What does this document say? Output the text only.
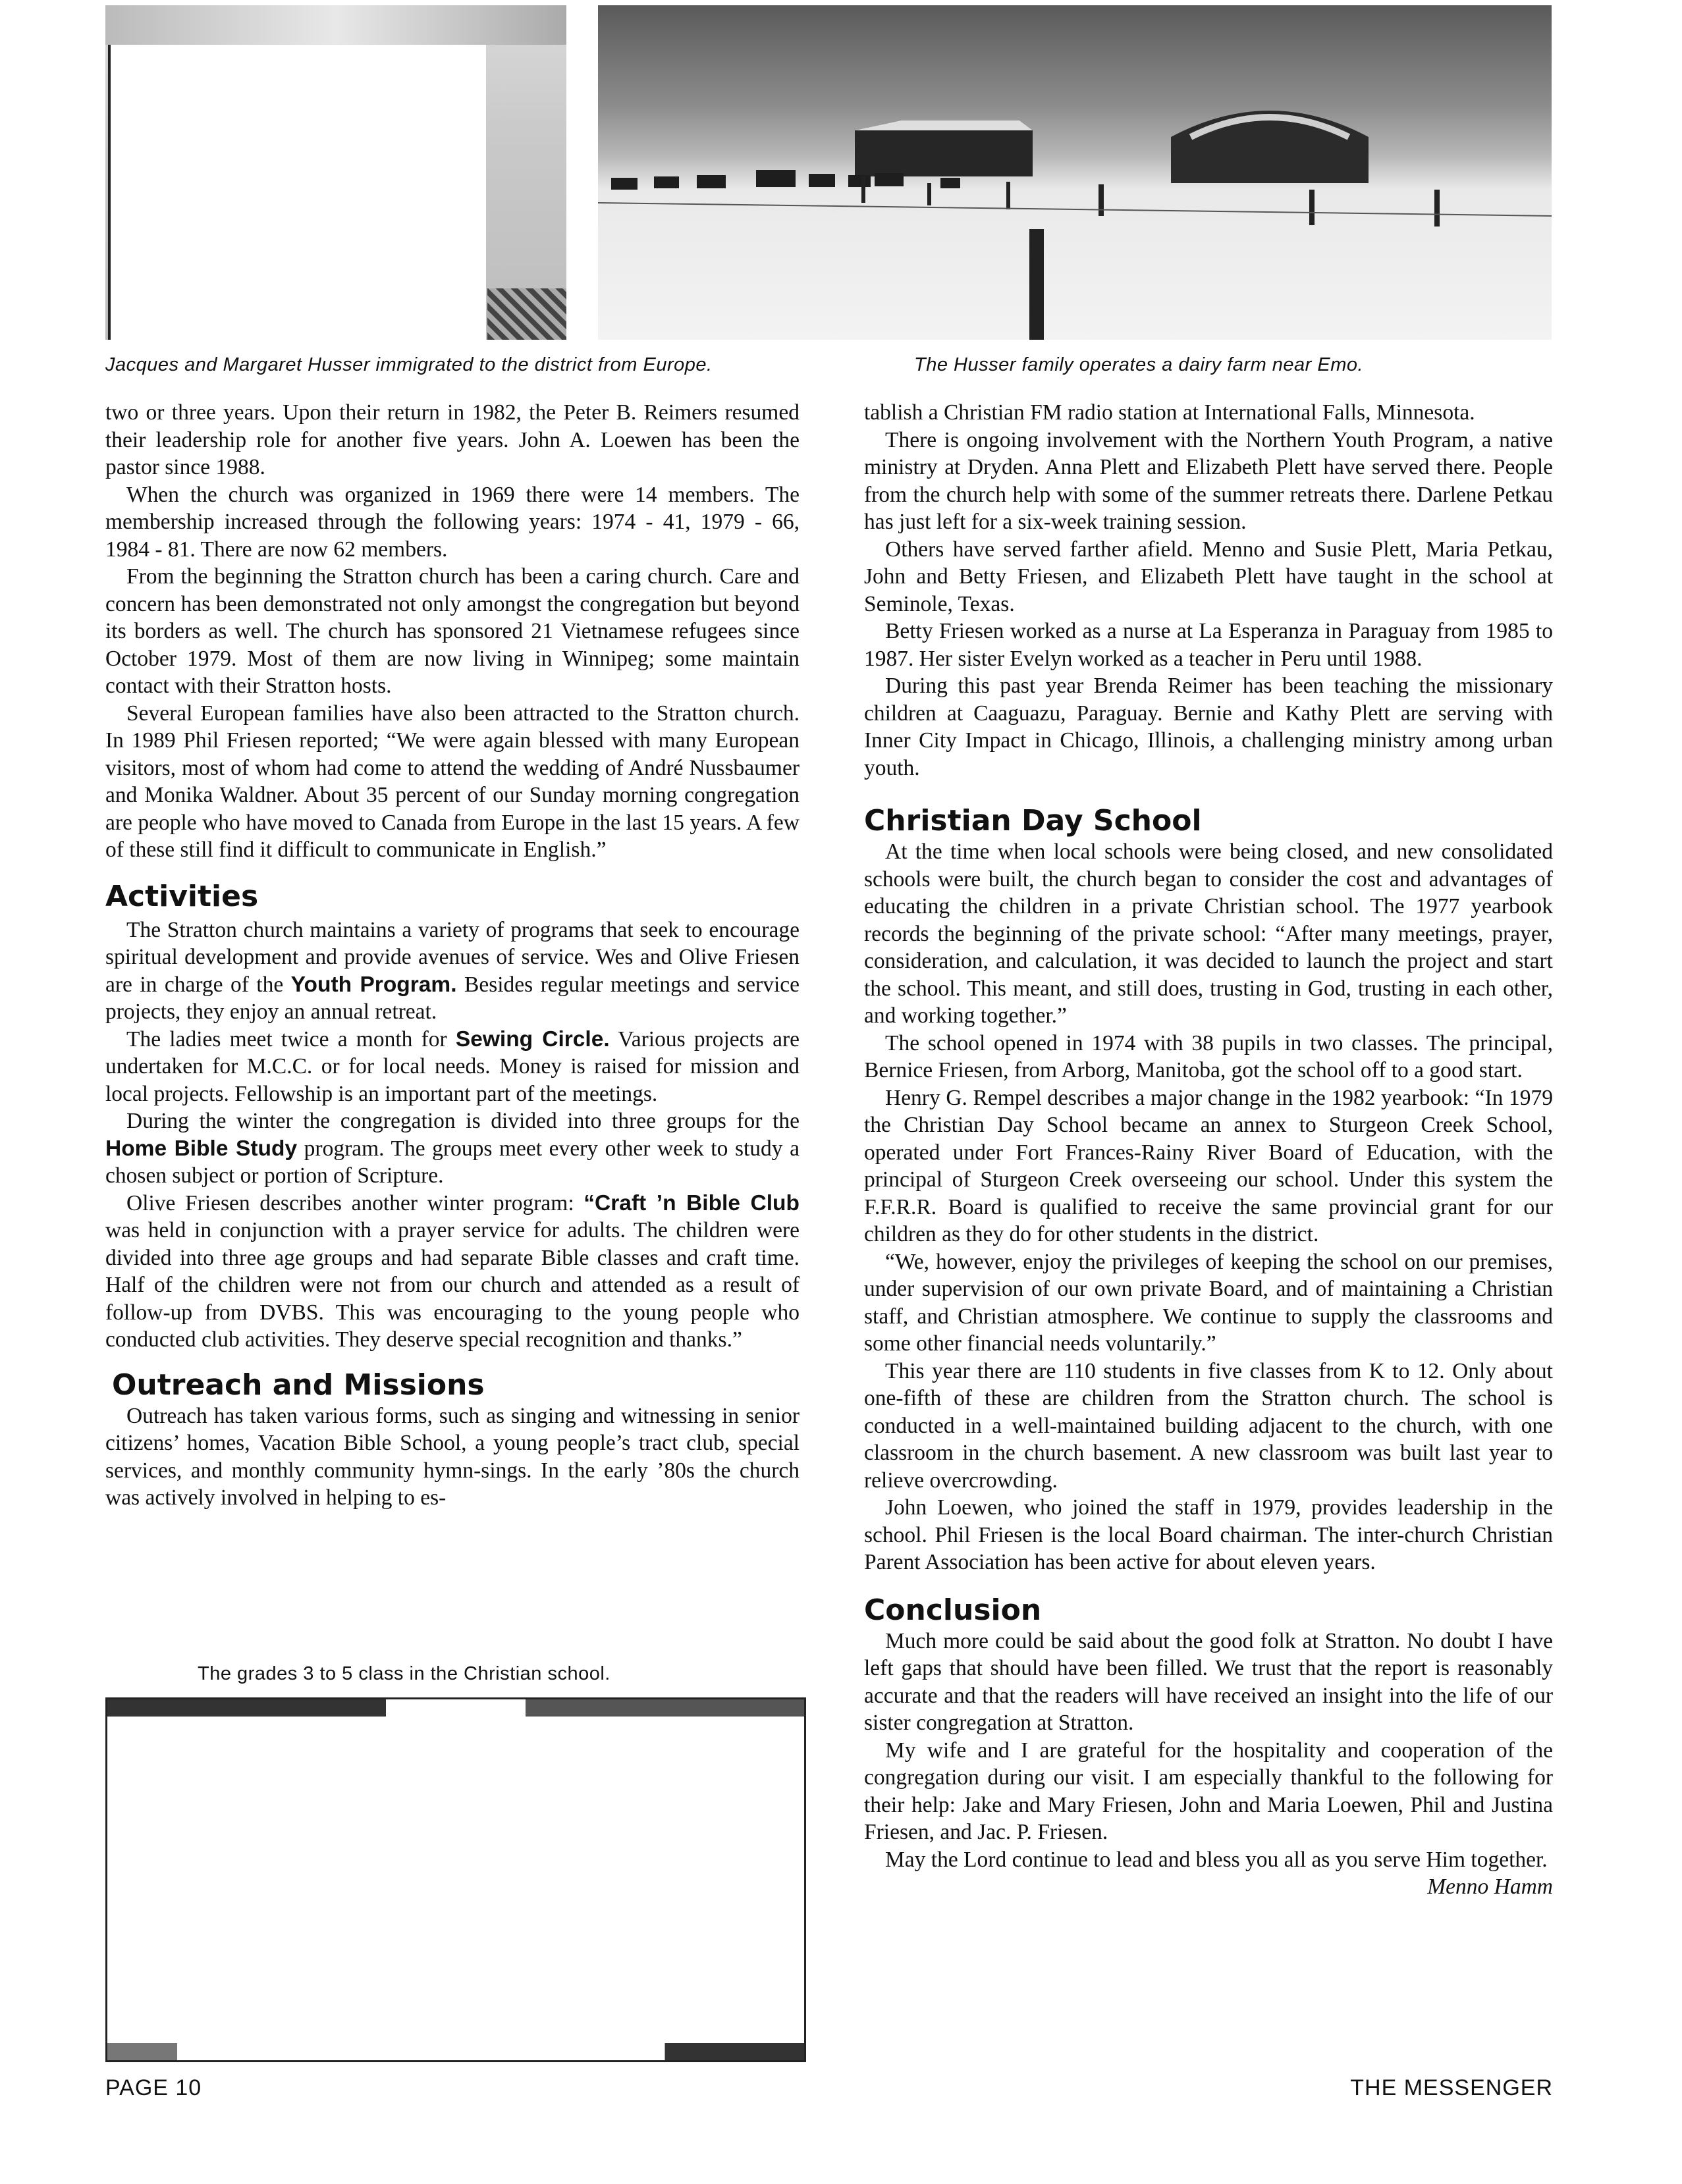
Jacques and Margaret Husser immigrated to the district from Europe.	The Husser family operates a dairy farm near Emo.

two or three years. Upon their return in 1982, the Peter B. Reimers resumed their leadership role for another five years. John A. Loewen has been the pastor since 1988.

When the church was organized in 1969 there were 14 members. The membership increased through the following years: 1974 - 41, 1979 - 66, 1984 - 81. There are now 62 members.

From the beginning the Stratton church has been a caring church. Care and concern has been demonstrated not only amongst the congregation but beyond its borders as well. The church has sponsored 21 Vietnamese refugees since October 1979. Most of them are now living in Winnipeg; some maintain contact with their Stratton hosts.

Several European families have also been attracted to the Stratton church. In 1989 Phil Friesen reported; “We were again blessed with many European visitors, most of whom had come to attend the wedding of André Nussbaumer and Monika Waldner. About 35 percent of our Sunday morning congregation are people who have moved to Canada from Europe in the last 15 years. A few of these still find it difficult to communicate in English.”

Activities

The Stratton church maintains a variety of programs that seek to encourage spiritual development and provide avenues of service. Wes and Olive Friesen are in charge of the Youth Program. Besides regular meetings and service projects, they enjoy an annual retreat.

The ladies meet twice a month for Sewing Circle. Various projects are undertaken for M.C.C. or for local needs. Money is raised for mission and local projects. Fellowship is an important part of the meetings.

During the winter the congregation is divided into three groups for the Home Bible Study program. The groups meet every other week to study a chosen subject or portion of Scripture.

Olive Friesen describes another winter program: “Craft ’n Bible Club was held in conjunction with a prayer service for adults. The children were divided into three age groups and had separate Bible classes and craft time. Half of the children were not from our church and attended as a result of follow-up from DVBS. This was encouraging to the young people who conducted club activities. They deserve special recognition and thanks.”

Outreach and Missions

Outreach has taken various forms, such as singing and witnessing in senior citizens’ homes, Vacation Bible School, a young people’s tract club, special services, and monthly community hymn-sings. In the early ’80s the church was actively involved in helping to es-

The grades 3 to 5 class in the Christian school.

tablish a Christian FM radio station at International Falls, Minnesota.

There is ongoing involvement with the Northern Youth Program, a native ministry at Dryden. Anna Plett and Elizabeth Plett have served there. People from the church help with some of the summer retreats there. Darlene Petkau has just left for a six-week training session.

Others have served farther afield. Menno and Susie Plett, Maria Petkau, John and Betty Friesen, and Elizabeth Plett have taught in the school at Seminole, Texas.

Betty Friesen worked as a nurse at La Esperanza in Paraguay from 1985 to 1987. Her sister Evelyn worked as a teacher in Peru until 1988.

During this past year Brenda Reimer has been teaching the missionary children at Caaguazu, Paraguay. Bernie and Kathy Plett are serving with Inner City Impact in Chicago, Illinois, a challenging ministry among urban youth.

Christian Day School

At the time when local schools were being closed, and new consolidated schools were built, the church began to consider the cost and advantages of educating the children in a private Christian school. The 1977 yearbook records the beginning of the private school: “After many meetings, prayer, consideration, and calculation, it was decided to launch the project and start the school. This meant, and still does, trusting in God, trusting in each other, and working together.”

The school opened in 1974 with 38 pupils in two classes. The principal, Bernice Friesen, from Arborg, Manitoba, got the school off to a good start.

Henry G. Rempel describes a major change in the 1982 yearbook: “In 1979 the Christian Day School became an annex to Sturgeon Creek School, operated under Fort Frances-Rainy River Board of Education, with the principal of Sturgeon Creek overseeing our school. Under this system the F.F.R.R. Board is qualified to receive the same provincial grant for our children as they do for other students in the district.

“We, however, enjoy the privileges of keeping the school on our premises, under supervision of our own private Board, and of maintaining a Christian staff, and Christian atmosphere. We continue to supply the classrooms and some other financial needs voluntarily.”

This year there are 110 students in five classes from K to 12. Only about one-fifth of these are children from the Stratton church. The school is conducted in a well-maintained building adjacent to the church, with one classroom in the church basement. A new classroom was built last year to relieve overcrowding.

John Loewen, who joined the staff in 1979, provides leadership in the school. Phil Friesen is the local Board chairman. The inter-church Christian Parent Association has been active for about eleven years.

Conclusion

Much more could be said about the good folk at Stratton. No doubt I have left gaps that should have been filled. We trust that the report is reasonably accurate and that the readers will have received an insight into the life of our sister congregation at Stratton.

My wife and I are grateful for the hospitality and cooperation of the congregation during our visit. I am especially thankful to the following for their help: Jake and Mary Friesen, John and Maria Loewen, Phil and Justina Friesen, and Jac. P. Friesen.

May the Lord continue to lead and bless you all as you serve Him together.

Menno Hamm
PAGE 10	THE MESSENGER
